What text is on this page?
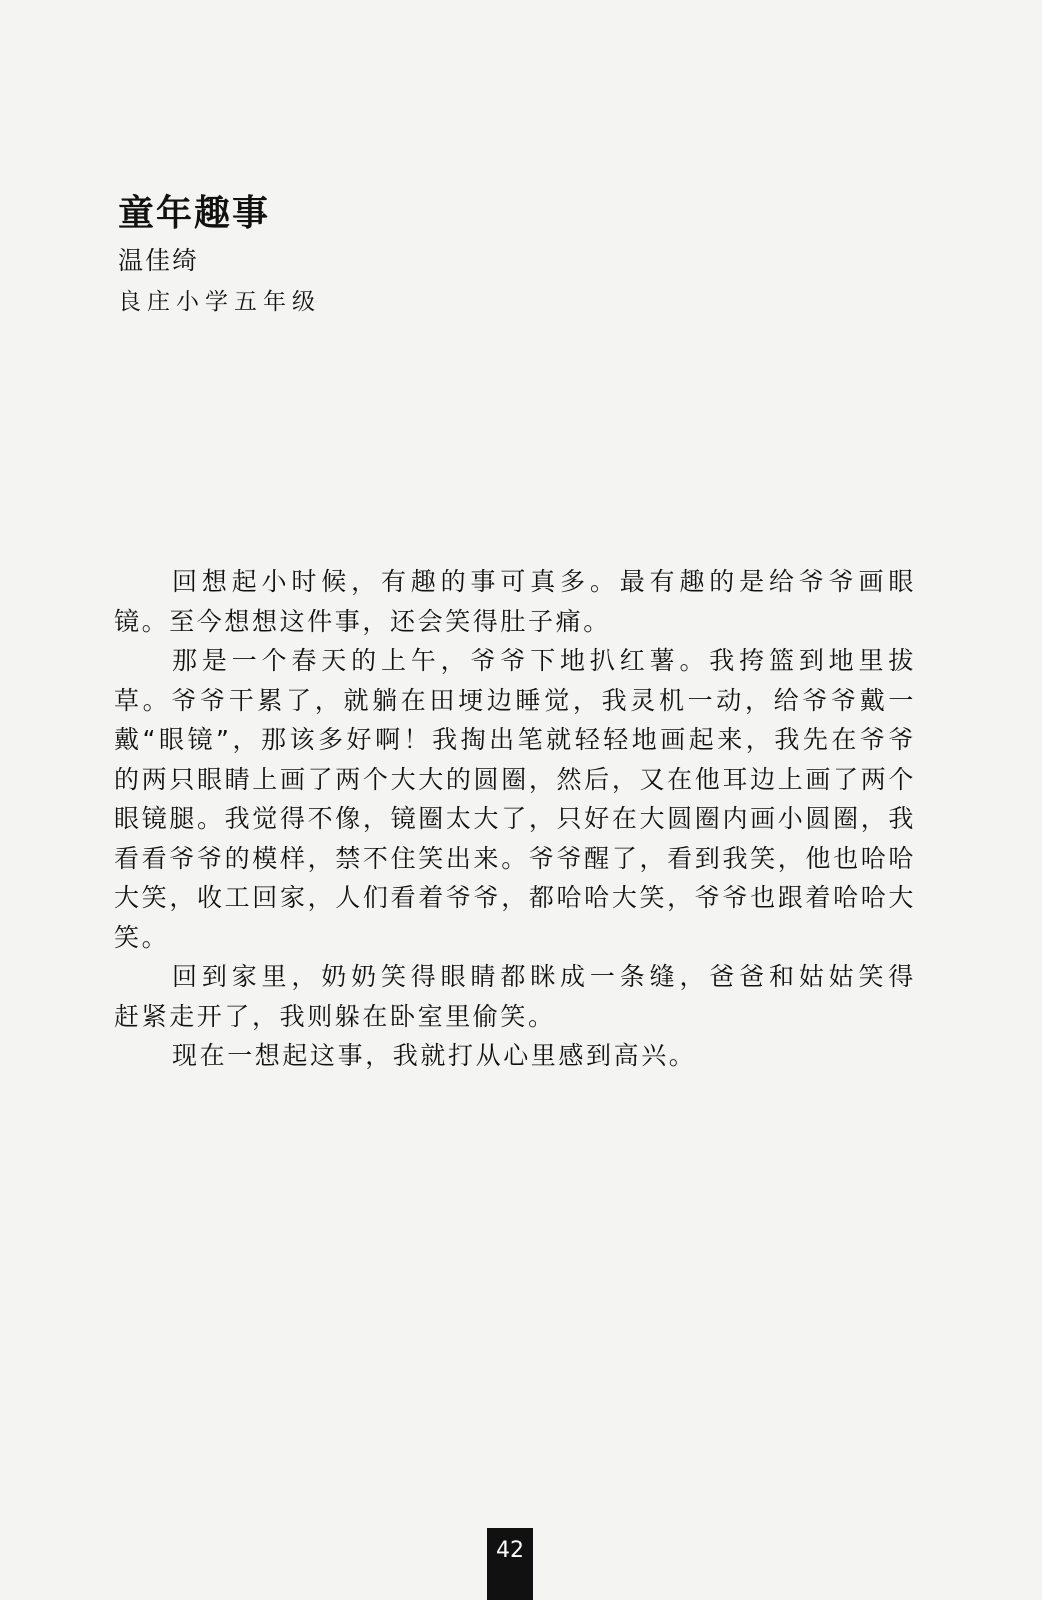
童年趣事
温佳绮
良庄小学五年级

回想起小时候，有趣的事可真多。最有趣的是给爷爷画眼镜。至今想想这件事，还会笑得肚子痛。

那是一个春天的上午，爷爷下地扒红薯。我挎篮到地里拔草。爷爷干累了，就躺在田埂边睡觉，我灵机一动，给爷爷戴一戴“眼镜”，那该多好啊！我掏出笔就轻轻地画起来，我先在爷爷的两只眼睛上画了两个大大的圆圈，然后，又在他耳边上画了两个眼镜腿。我觉得不像，镜圈太大了，只好在大圆圈内画小圆圈，我看看爷爷的模样，禁不住笑出来。爷爷醒了，看到我笑，他也哈哈大笑，收工回家，人们看着爷爷，都哈哈大笑，爷爷也跟着哈哈大笑。

回到家里，奶奶笑得眼睛都眯成一条缝，爸爸和姑姑笑得　赶紧走开了，我则躲在卧室里偷笑。

现在一想起这事，我就打从心里感到高兴。

42
